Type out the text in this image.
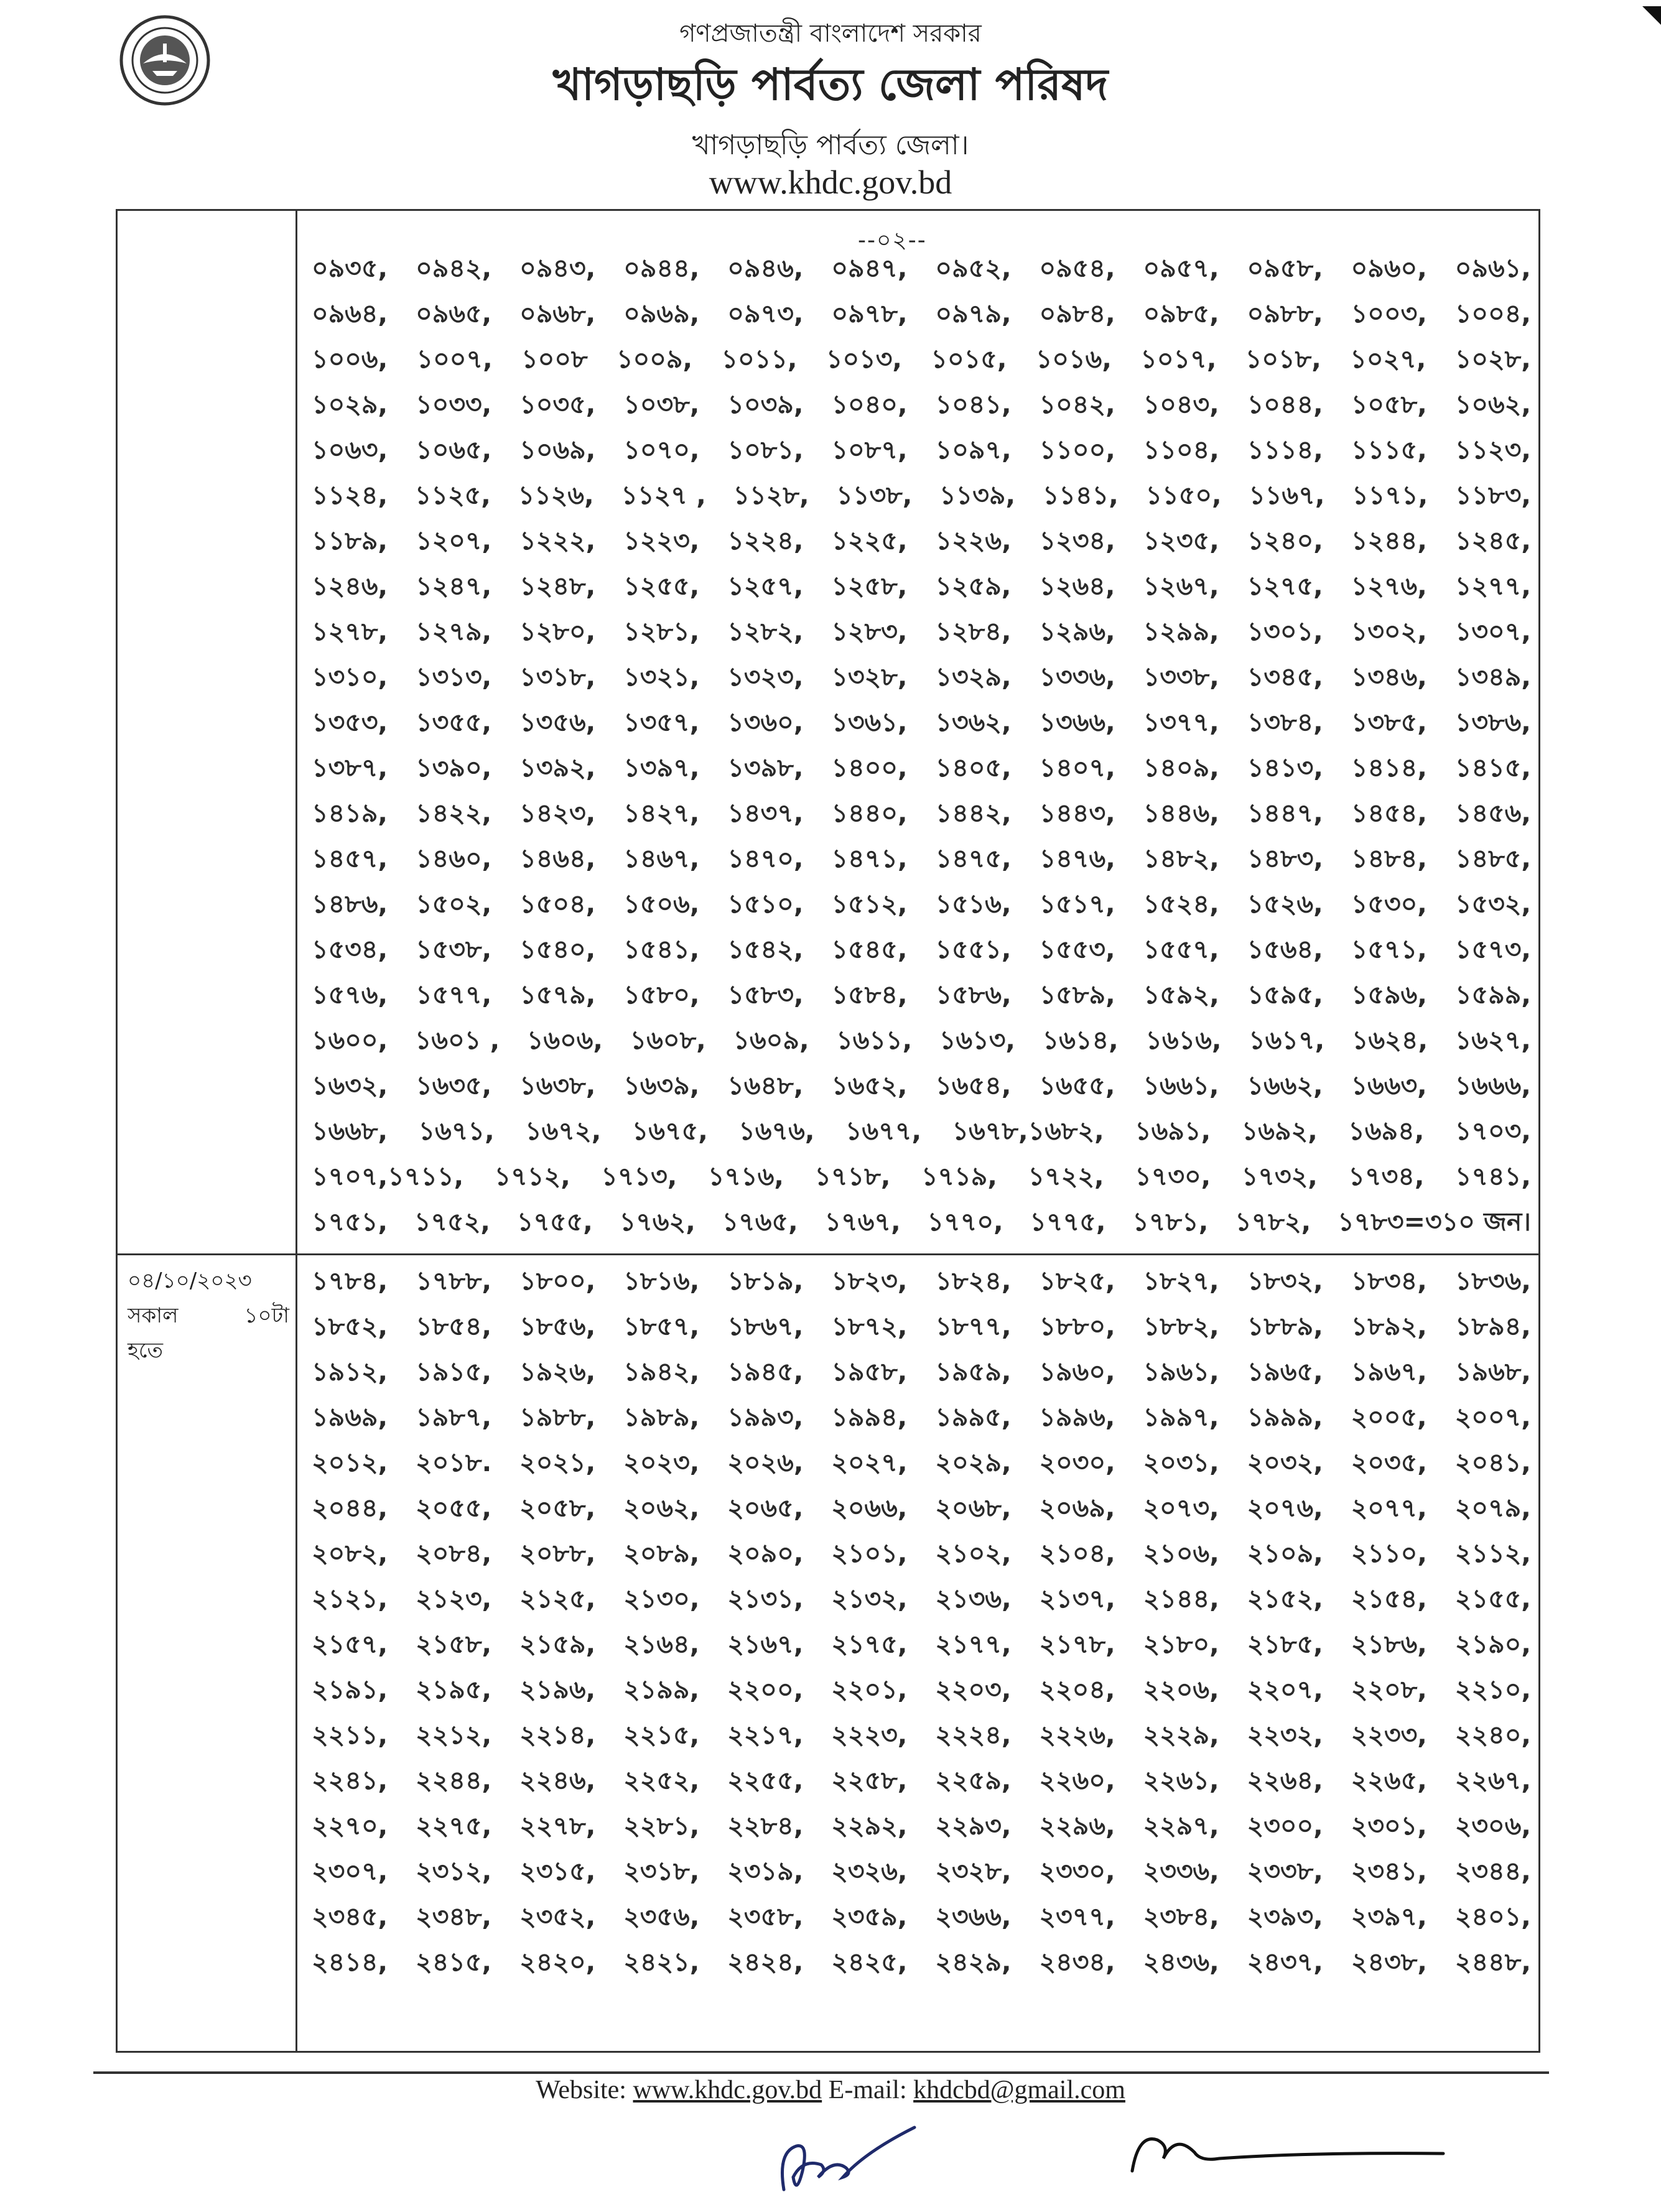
গণপ্রজাতন্ত্রী বাংলাদেশ সরকার
খাগড়াছড়ি পার্বত্য জেলা পরিষদ
খাগড়াছড়ি পার্বত্য জেলা।
www.khdc.gov.bd
--০২--
০৪/১০/২০২৩
সকাল	১০টা
হতে
০৯৩৫, ০৯৪২, ০৯৪৩, ০৯৪৪, ০৯৪৬, ০৯৪৭, ০৯৫২, ০৯৫৪, ০৯৫৭, ০৯৫৮, ০৯৬০, ০৯৬১,
০৯৬৪, ০৯৬৫, ০৯৬৮, ০৯৬৯, ০৯৭৩, ০৯৭৮, ০৯৭৯, ০৯৮৪, ০৯৮৫, ০৯৮৮, ১০০৩, ১০০৪,
১০০৬, ১০০৭, ১০০৮ ১০০৯, ১০১১, ১০১৩, ১০১৫, ১০১৬, ১০১৭, ১০১৮, ১০২৭, ১০২৮,
১০২৯, ১০৩৩, ১০৩৫, ১০৩৮, ১০৩৯, ১০৪০, ১০৪১, ১০৪২, ১০৪৩, ১০৪৪, ১০৫৮, ১০৬২,
১০৬৩, ১০৬৫, ১০৬৯, ১০৭০, ১০৮১, ১০৮৭, ১০৯৭, ১১০০, ১১০৪, ১১১৪, ১১১৫, ১১২৩,
১১২৪, ১১২৫, ১১২৬, ১১২৭ , ১১২৮, ১১৩৮, ১১৩৯, ১১৪১, ১১৫০, ১১৬৭, ১১৭১, ১১৮৩,
১১৮৯, ১২০৭, ১২২২, ১২২৩, ১২২৪, ১২২৫, ১২২৬, ১২৩৪, ১২৩৫, ১২৪০, ১২৪৪, ১২৪৫,
১২৪৬, ১২৪৭, ১২৪৮, ১২৫৫, ১২৫৭, ১২৫৮, ১২৫৯, ১২৬৪, ১২৬৭, ১২৭৫, ১২৭৬, ১২৭৭,
১২৭৮, ১২৭৯, ১২৮০, ১২৮১, ১২৮২, ১২৮৩, ১২৮৪, ১২৯৬, ১২৯৯, ১৩০১, ১৩০২, ১৩০৭,
১৩১০, ১৩১৩, ১৩১৮, ১৩২১, ১৩২৩, ১৩২৮, ১৩২৯, ১৩৩৬, ১৩৩৮, ১৩৪৫, ১৩৪৬, ১৩৪৯,
১৩৫৩, ১৩৫৫, ১৩৫৬, ১৩৫৭, ১৩৬০, ১৩৬১, ১৩৬২, ১৩৬৬, ১৩৭৭, ১৩৮৪, ১৩৮৫, ১৩৮৬,
১৩৮৭, ১৩৯০, ১৩৯২, ১৩৯৭, ১৩৯৮, ১৪০০, ১৪০৫, ১৪০৭, ১৪০৯, ১৪১৩, ১৪১৪, ১৪১৫,
১৪১৯, ১৪২২, ১৪২৩, ১৪২৭, ১৪৩৭, ১৪৪০, ১৪৪২, ১৪৪৩, ১৪৪৬, ১৪৪৭, ১৪৫৪, ১৪৫৬,
১৪৫৭, ১৪৬০, ১৪৬৪, ১৪৬৭, ১৪৭০, ১৪৭১, ১৪৭৫, ১৪৭৬, ১৪৮২, ১৪৮৩, ১৪৮৪, ১৪৮৫,
১৪৮৬, ১৫০২, ১৫০৪, ১৫০৬, ১৫১০, ১৫১২, ১৫১৬, ১৫১৭, ১৫২৪, ১৫২৬, ১৫৩০, ১৫৩২,
১৫৩৪, ১৫৩৮, ১৫৪০, ১৫৪১, ১৫৪২, ১৫৪৫, ১৫৫১, ১৫৫৩, ১৫৫৭, ১৫৬৪, ১৫৭১, ১৫৭৩,
১৫৭৬, ১৫৭৭, ১৫৭৯, ১৫৮০, ১৫৮৩, ১৫৮৪, ১৫৮৬, ১৫৮৯, ১৫৯২, ১৫৯৫, ১৫৯৬, ১৫৯৯,
১৬০০, ১৬০১ , ১৬০৬, ১৬০৮, ১৬০৯, ১৬১১, ১৬১৩, ১৬১৪, ১৬১৬, ১৬১৭, ১৬২৪, ১৬২৭,
১৬৩২, ১৬৩৫, ১৬৩৮, ১৬৩৯, ১৬৪৮, ১৬৫২, ১৬৫৪, ১৬৫৫, ১৬৬১, ১৬৬২, ১৬৬৩, ১৬৬৬,
১৬৬৮, ১৬৭১, ১৬৭২, ১৬৭৫, ১৬৭৬, ১৬৭৭, ১৬৭৮,১৬৮২, ১৬৯১, ১৬৯২, ১৬৯৪, ১৭০৩,
১৭০৭,১৭১১, ১৭১২, ১৭১৩, ১৭১৬, ১৭১৮, ১৭১৯, ১৭২২, ১৭৩০, ১৭৩২, ১৭৩৪, ১৭৪১,
১৭৫১, ১৭৫২, ১৭৫৫, ১৭৬২, ১৭৬৫, ১৭৬৭, ১৭৭০, ১৭৭৫, ১৭৮১, ১৭৮২, ১৭৮৩=৩১০ জন।
১৭৮৪, ১৭৮৮, ১৮০০, ১৮১৬, ১৮১৯, ১৮২৩, ১৮২৪, ১৮২৫, ১৮২৭, ১৮৩২, ১৮৩৪, ১৮৩৬,
১৮৫২, ১৮৫৪, ১৮৫৬, ১৮৫৭, ১৮৬৭, ১৮৭২, ১৮৭৭, ১৮৮০, ১৮৮২, ১৮৮৯, ১৮৯২, ১৮৯৪,
১৯১২, ১৯১৫, ১৯২৬, ১৯৪২, ১৯৪৫, ১৯৫৮, ১৯৫৯, ১৯৬০, ১৯৬১, ১৯৬৫, ১৯৬৭, ১৯৬৮,
১৯৬৯, ১৯৮৭, ১৯৮৮, ১৯৮৯, ১৯৯৩, ১৯৯৪, ১৯৯৫, ১৯৯৬, ১৯৯৭, ১৯৯৯, ২০০৫, ২০০৭,
২০১২, ২০১৮. ২০২১, ২০২৩, ২০২৬, ২০২৭, ২০২৯, ২০৩০, ২০৩১, ২০৩২, ২০৩৫, ২০৪১,
২০৪৪, ২০৫৫, ২০৫৮, ২০৬২, ২০৬৫, ২০৬৬, ২০৬৮, ২০৬৯, ২০৭৩, ২০৭৬, ২০৭৭, ২০৭৯,
২০৮২, ২০৮৪, ২০৮৮, ২০৮৯, ২০৯০, ২১০১, ২১০২, ২১০৪, ২১০৬, ২১০৯, ২১১০, ২১১২,
২১২১, ২১২৩, ২১২৫, ২১৩০, ২১৩১, ২১৩২, ২১৩৬, ২১৩৭, ২১৪৪, ২১৫২, ২১৫৪, ২১৫৫,
২১৫৭, ২১৫৮, ২১৫৯, ২১৬৪, ২১৬৭, ২১৭৫, ২১৭৭, ২১৭৮, ২১৮০, ২১৮৫, ২১৮৬, ২১৯০,
২১৯১, ২১৯৫, ২১৯৬, ২১৯৯, ২২০০, ২২০১, ২২০৩, ২২০৪, ২২০৬, ২২০৭, ২২০৮, ২২১০,
২২১১, ২২১২, ২২১৪, ২২১৫, ২২১৭, ২২২৩, ২২২৪, ২২২৬, ২২২৯, ২২৩২, ২২৩৩, ২২৪০,
২২৪১, ২২৪৪, ২২৪৬, ২২৫২, ২২৫৫, ২২৫৮, ২২৫৯, ২২৬০, ২২৬১, ২২৬৪, ২২৬৫, ২২৬৭,
২২৭০, ২২৭৫, ২২৭৮, ২২৮১, ২২৮৪, ২২৯২, ২২৯৩, ২২৯৬, ২২৯৭, ২৩০০, ২৩০১, ২৩০৬,
২৩০৭, ২৩১২, ২৩১৫, ২৩১৮, ২৩১৯, ২৩২৬, ২৩২৮, ২৩৩০, ২৩৩৬, ২৩৩৮, ২৩৪১, ২৩৪৪,
২৩৪৫, ২৩৪৮, ২৩৫২, ২৩৫৬, ২৩৫৮, ২৩৫৯, ২৩৬৬, ২৩৭৭, ২৩৮৪, ২৩৯৩, ২৩৯৭, ২৪০১,
২৪১৪, ২৪১৫, ২৪২০, ২৪২১, ২৪২৪, ২৪২৫, ২৪২৯, ২৪৩৪, ২৪৩৬, ২৪৩৭, ২৪৩৮, ২৪৪৮,
Website: www.khdc.gov.bd E-mail: khdcbd@gmail.com
